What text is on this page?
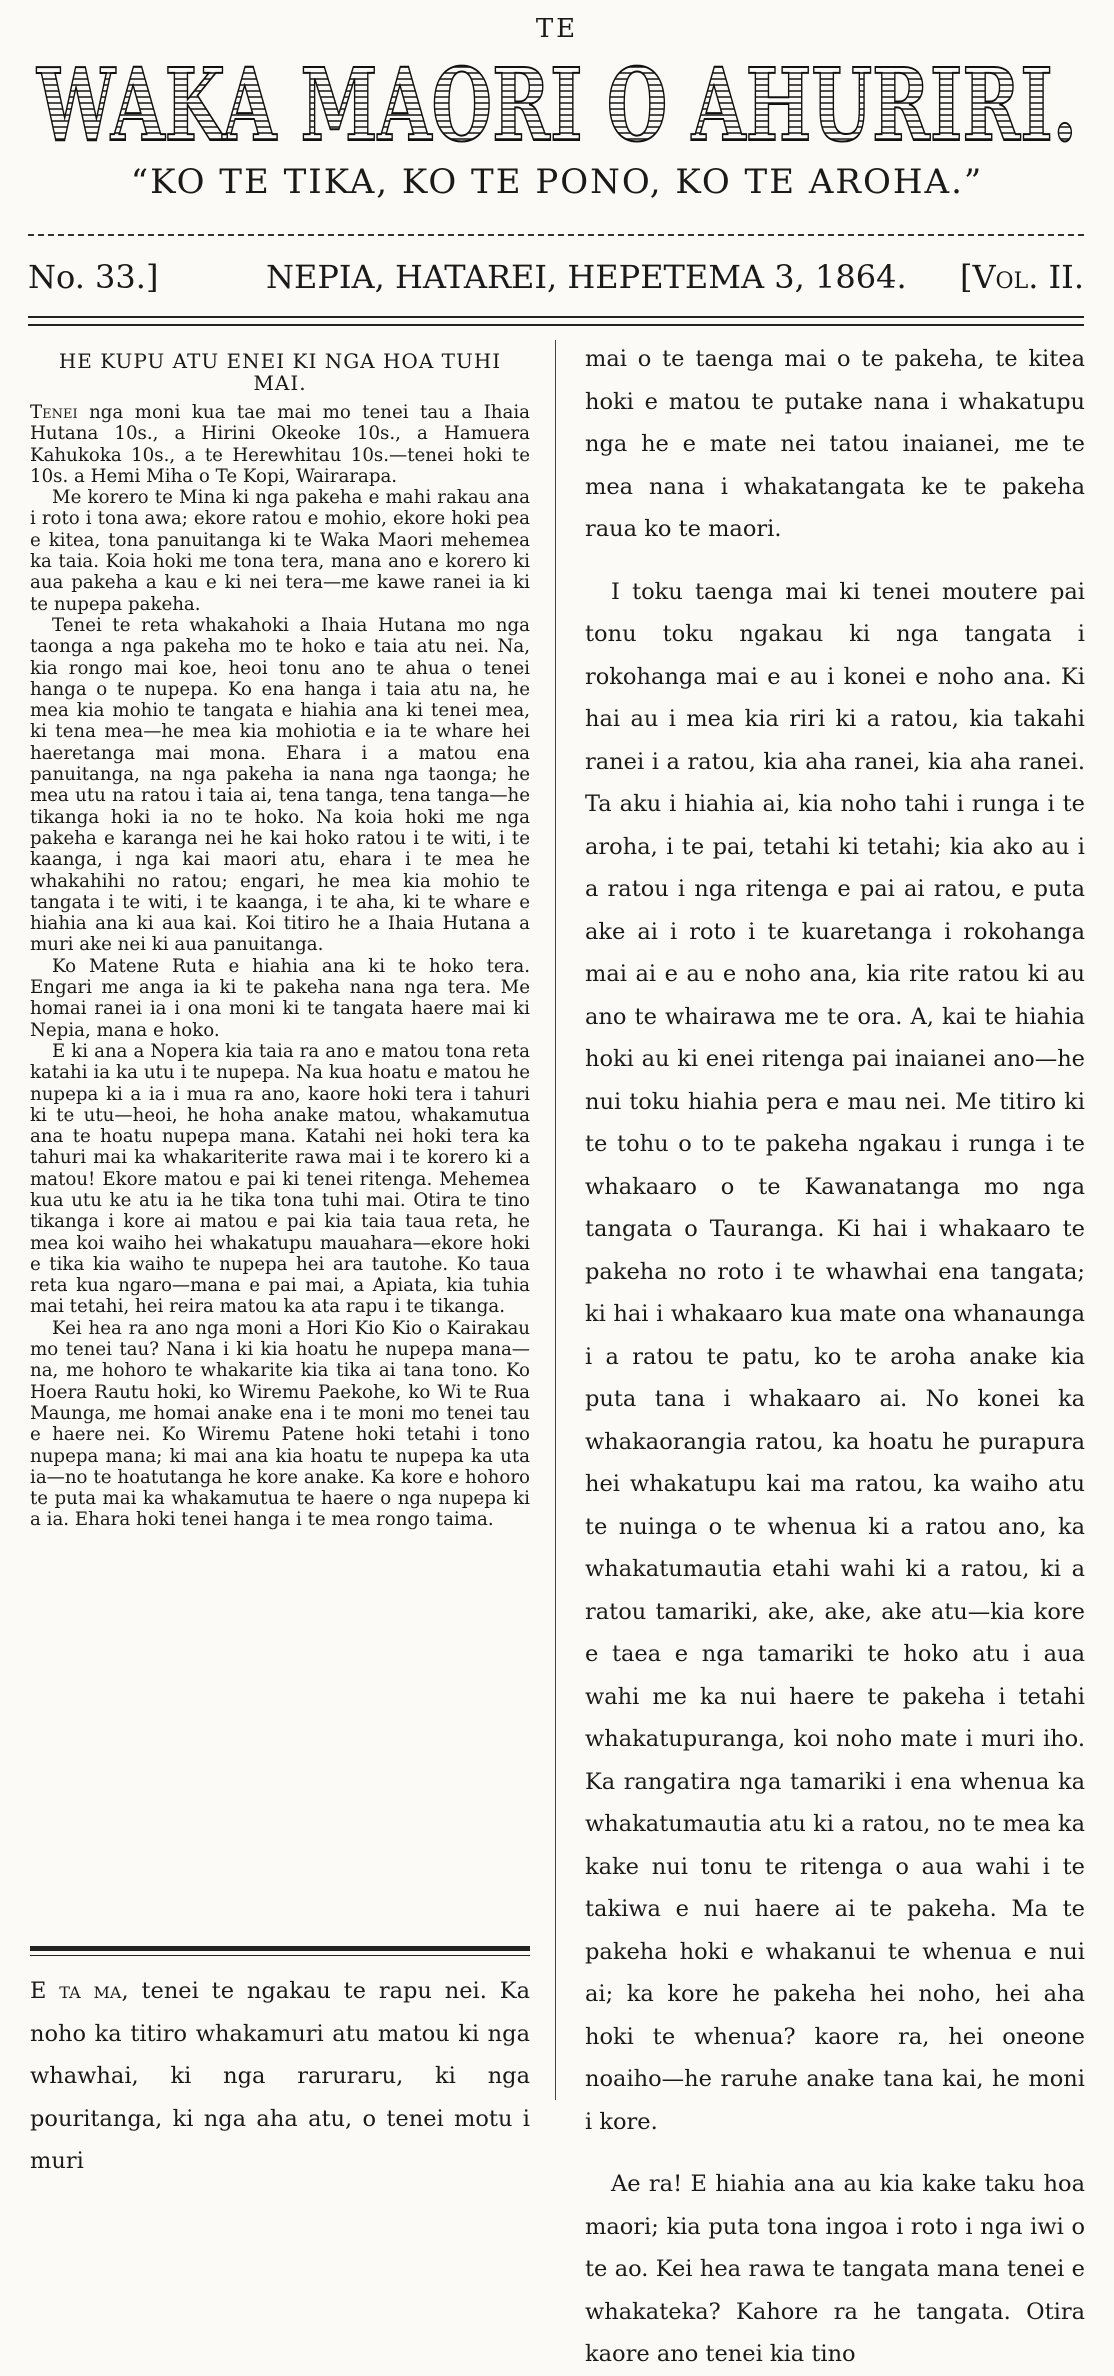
TE
WAKA MAORI O AHURIRI.
“KO TE TIKA, KO TE PONO, KO TE AROHA.”
No. 33.]	NEPIA, HATAREI, HEPETEMA 3, 1864. [Vol. II.
HE KUPU ATU ENEI KI NGA HOA TUHI MAI.

Tenei nga moni kua tae mai mo tenei tau a Ihaia Hutana 10s., a Hirini Okeoke 10s., a Hamuera Kahukoka 10s., a te Herewhitau 10s.—tenei hoki te 10s. a Hemi Miha o Te Kopi, Wairarapa.

Me korero te Mina ki nga pakeha e mahi rakau ana i roto i tona awa; ekore ratou e mohio, ekore hoki pea e kitea, tona panuitanga ki te Waka Maori mehemea ka taia. Koia hoki me tona tera, mana ano e korero ki aua pakeha a kau e ki nei tera—me kawe ranei ia ki te nupepa pakeha.

Tenei te reta whakahoki a Ihaia Hutana mo nga taonga a nga pakeha mo te hoko e taia atu nei. Na, kia rongo mai koe, heoi tonu ano te ahua o tenei hanga o te nupepa. Ko ena hanga i taia atu na, he mea kia mohio te tangata e hiahia ana ki tenei mea, ki tena mea—he mea kia mohiotia e ia te whare hei haeretanga mai mona. Ehara i a matou ena panuitanga, na nga pakeha ia nana nga taonga; he mea utu na ratou i taia ai, tena tanga, tena tanga—he tikanga hoki ia no te hoko. Na koia hoki me nga pakeha e karanga nei he kai hoko ratou i te witi, i te kaanga, i nga kai maori atu, ehara i te mea he whakahihi no ratou; engari, he mea kia mohio te tangata i te witi, i te kaanga, i te aha, ki te whare e hiahia ana ki aua kai. Koi titiro he a Ihaia Hutana a muri ake nei ki aua panuitanga.

Ko Matene Ruta e hiahia ana ki te hoko tera. Engari me anga ia ki te pakeha nana nga tera. Me homai ranei ia i ona moni ki te tangata haere mai ki Nepia, mana e hoko.

E ki ana a Nopera kia taia ra ano e matou tona reta katahi ia ka utu i te nupepa. Na kua hoatu e matou he nupepa ki a ia i mua ra ano, kaore hoki tera i tahuri ki te utu—heoi, he hoha anake matou, whakamutua ana te hoatu nupepa mana. Katahi nei hoki tera ka tahuri mai ka whakariterite rawa mai i te korero ki a matou! Ekore matou e pai ki tenei ritenga. Mehemea kua utu ke atu ia he tika tona tuhi mai. Otira te tino tikanga i kore ai matou e pai kia taia taua reta, he mea koi waiho hei whakatupu mauahara—ekore hoki e tika kia waiho te nupepa hei ara tautohe. Ko taua reta kua ngaro—mana e pai mai, a Apiata, kia tuhia mai tetahi, hei reira matou ka ata rapu i te tikanga.

Kei hea ra ano nga moni a Hori Kio Kio o Kairakau mo tenei tau? Nana i ki kia hoatu he nupepa mana—na, me hohoro te whakarite kia tika ai tana tono. Ko Hoera Rautu hoki, ko Wiremu Paekohe, ko Wi te Rua Maunga, me homai anake ena i te moni mo tenei tau e haere nei. Ko Wiremu Patene hoki tetahi i tono nupepa mana; ki mai ana kia hoatu te nupepa ka uta ia—no te hoatutanga he kore anake. Ka kore e hohoro te puta mai ka whakamutua te haere o nga nupepa ki a ia. Ehara hoki tenei hanga i te mea rongo taima.

E ta ma, tenei te ngakau te rapu nei. Ka noho ka titiro whakamuri atu matou ki nga whawhai, ki nga raruraru, ki nga pouritanga, ki nga aha atu, o tenei motu i muri

mai o te taenga mai o te pakeha, te kitea hoki e matou te putake nana i whakatupu nga he e mate nei tatou inaianei, me te mea nana i whakatangata ke te pakeha raua ko te maori.

I toku taenga mai ki tenei moutere pai tonu toku ngakau ki nga tangata i rokohanga mai e au i konei e noho ana. Ki hai au i mea kia riri ki a ratou, kia takahi ranei i a ratou, kia aha ranei, kia aha ranei. Ta aku i hiahia ai, kia noho tahi i runga i te aroha, i te pai, tetahi ki tetahi; kia ako au i a ratou i nga ritenga e pai ai ratou, e puta ake ai i roto i te kuaretanga i rokohanga mai ai e au e noho ana, kia rite ratou ki au ano te whairawa me te ora. A, kai te hiahia hoki au ki enei ritenga pai inaianei ano—he nui toku hiahia pera e mau nei. Me titiro ki te tohu o to te pakeha ngakau i runga i te whakaaro o te Kawanatanga mo nga tangata o Tauranga. Ki hai i whakaaro te pakeha no roto i te whawhai ena tangata; ki hai i whakaaro kua mate ona whanaunga i a ratou te patu, ko te aroha anake kia puta tana i whakaaro ai. No konei ka whakaorangia ratou, ka hoatu he purapura hei whakatupu kai ma ratou, ka waiho atu te nuinga o te whenua ki a ratou ano, ka whakatumautia etahi wahi ki a ratou, ki a ratou tamariki, ake, ake, ake atu—kia kore e taea e nga tamariki te hoko atu i aua wahi me ka nui haere te pakeha i tetahi whakatupuranga, koi noho mate i muri iho. Ka rangatira nga tamariki i ena whenua ka whakatumautia atu ki a ratou, no te mea ka kake nui tonu te ritenga o aua wahi i te takiwa e nui haere ai te pakeha. Ma te pakeha hoki e whakanui te whenua e nui ai; ka kore he pakeha hei noho, hei aha hoki te whenua? kaore ra, hei oneone noaiho—he raruhe anake tana kai, he moni i kore.

Ae ra! E hiahia ana au kia kake taku hoa maori; kia puta tona ingoa i roto i nga iwi o te ao. Kei hea rawa te tangata mana tenei e whakateka? Kahore ra he tangata. Otira kaore ano tenei kia tino
